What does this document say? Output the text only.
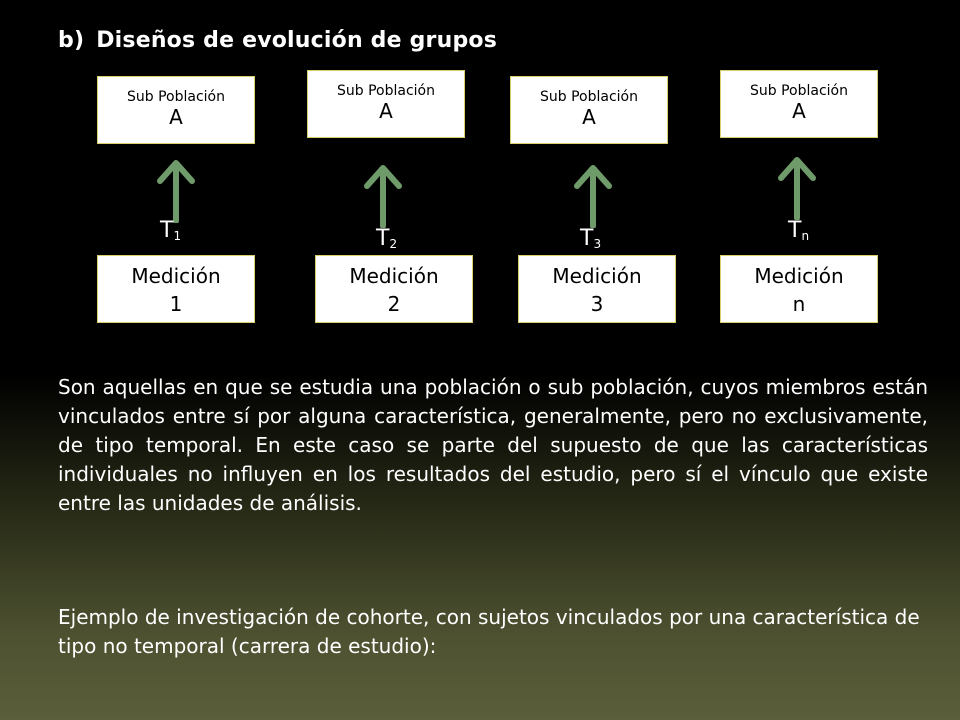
b) Diseños de evolución de grupos
Sub Población
A
$T_1$
Medición
1
Sub Población
A
$T_2$
Medición
2
Sub Población
A
$T_3$
Medición
3
Sub Población
A
$T_n$
Medición
n
Son aquellas en que se estudia una población o sub población, cuyos miembros están vinculados entre sí por alguna característica, generalmente, pero no exclusivamente, de tipo temporal. En este caso se parte del supuesto de que las características individuales no influyen en los resultados del estudio, pero sí el vínculo que existe entre las unidades de análisis.
Ejemplo de investigación de cohorte, con sujetos vinculados por una característica de tipo no temporal (carrera de estudio):
